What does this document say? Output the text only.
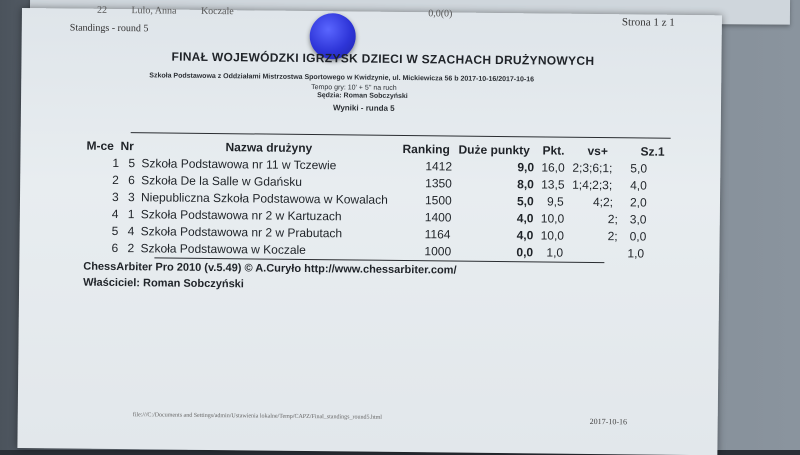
22 Lulo, Anna Koczale	0,0(0)
Standings - round 5	Strona 1 z 1
FINAŁ WOJEWÓDZKI IGRZYSK DZIECI W SZACHACH DRUŻYNOWYCH
Szkoła Podstawowa z Oddziałami Mistrzostwa Sportowego w Kwidzynie, ul. Mickiewicza 56 b 2017-10-16/2017-10-16
Tempo gry: 10' + 5'' na ruch
Sędzia: Roman Sobczyński
Wyniki - runda 5
M-ce Nr	Nazwa drużyny	Ranking Duże punkty Pkt. vs+	Sz.1
1 5 Szkoła Podstawowa nr 11 w Tczewie	1412	9,0 16,0 2;3;6;1; 5,0
2 6 Szkoła De la Salle w Gdańsku	1350	8,0 13,5 1;4;2;3; 4,0
3 3 Niepubliczna Szkoła Podstawowa w Kowalach	1500	5,0 9,5 4;2; 2,0
4 1 Szkoła Podstawowa nr 2 w Kartuzach	1400	4,0 10,0	2; 3,0
5 4 Szkoła Podstawowa nr 2 w Prabutach	1164	4,0 10,0	2; 0,0
6 2 Szkoła Podstawowa w Koczale	1000	0,0 1,0	1,0
ChessArbiter Pro 2010 (v.5.49) © A.Curyło http://www.chessarbiter.com/
Właściciel: Roman Sobczyński
file:///C:/Documents and Settings/admin/Ustawienia lokalne/Temp/CAPZ/Final_standings_round5.html
2017-10-16
